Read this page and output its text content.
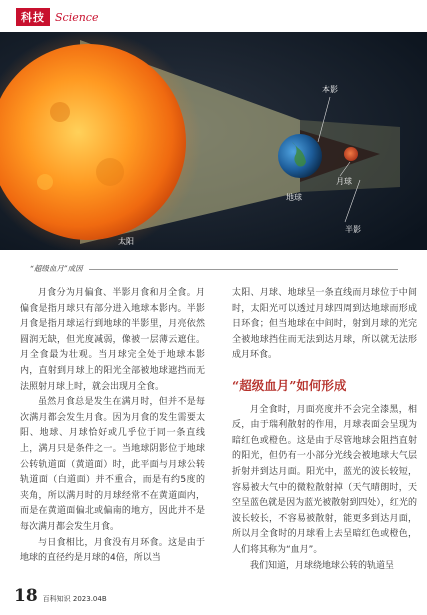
科技 Science
本影
月球
地球
太阳
半影
“超级血月”成因

月食分为月偏食、半影月食和月全食。月偏食是指月球只有部分进入地球本影内。半影月食是指月球运行到地球的半影里，月亮依然圆润无缺，但光度减弱，像被一层薄云遮住。月全食最为壮观。当月球完全处于地球本影内，直射到月球上的阳光全部被地球遮挡而无法照射月球上时，就会出现月全食。

虽然月食总是发生在满月时，但并不是每次满月都会发生月食。因为月食的发生需要太阳、地球、月球恰好或几乎位于同一条直线上，满月只是条件之一。当地球阴影位于地球公转轨道面（黄道面）时，此平面与月球公转轨道面（白道面）并不重合，而是有约5度的夹角，所以满月时的月球经常不在黄道面内，而是在黄道面偏北或偏南的地方，因此并不是每次满月都会发生月食。

与日食相比，月食没有月环食。这是由于地球的直径约是月球的4倍，所以当

太阳、月球、地球呈一条直线而月球位于中间时，太阳光可以透过月球四周到达地球而形成日环食；但当地球在中间时，射到月球的光完全被地球挡住而无法到达月球，所以就无法形成月环食。

“超级血月”如何形成

月全食时，月面亮度并不会完全漆黑，相反，由于瑞利散射的作用，月球表面会呈现为暗红色或橙色。这是由于尽管地球会阻挡直射的阳光，但仍有一小部分光线会被地球大气层折射并到达月面。阳光中，蓝光的波长较短，容易被大气中的微粒散射掉（天气晴朗时，天空呈蓝色就是因为蓝光被散射到四处），红光的波长较长，不容易被散射，能更多到达月面，所以月全食时的月球看上去呈暗红色或橙色，人们将其称为“血月”。

我们知道，月球绕地球公转的轨道呈

18 百科知识 2023.04B
